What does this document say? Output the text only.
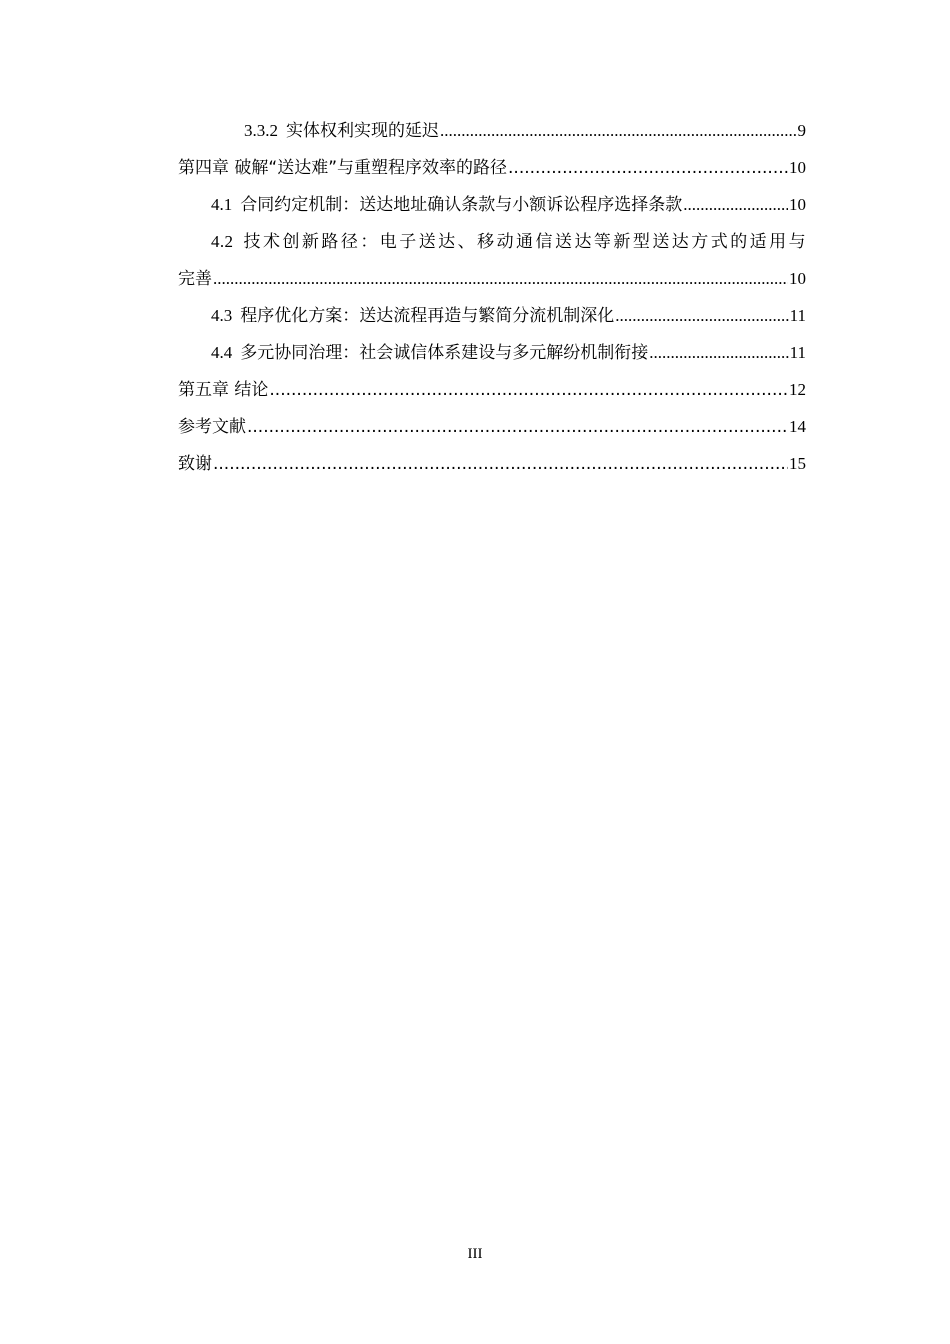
3.3.2 实体权利实现的延迟 .....	9
第四章 破解“送达难”与重塑程序效率的路径 .....	10
4.1 合同约定机制：送达地址确认条款与小额诉讼程序选择条款 .....	10
4.2 技术创新路径：电子送达、移动通信送达等新型送达方式的适用与
完善 .....	10
4.3 程序优化方案：送达流程再造与繁简分流机制深化 .....	11
4.4 多元协同治理：社会诚信体系建设与多元解纷机制衔接 .....	11
第五章 结论 .....	12
参考文献 .....	14
致谢 .....	15
III
